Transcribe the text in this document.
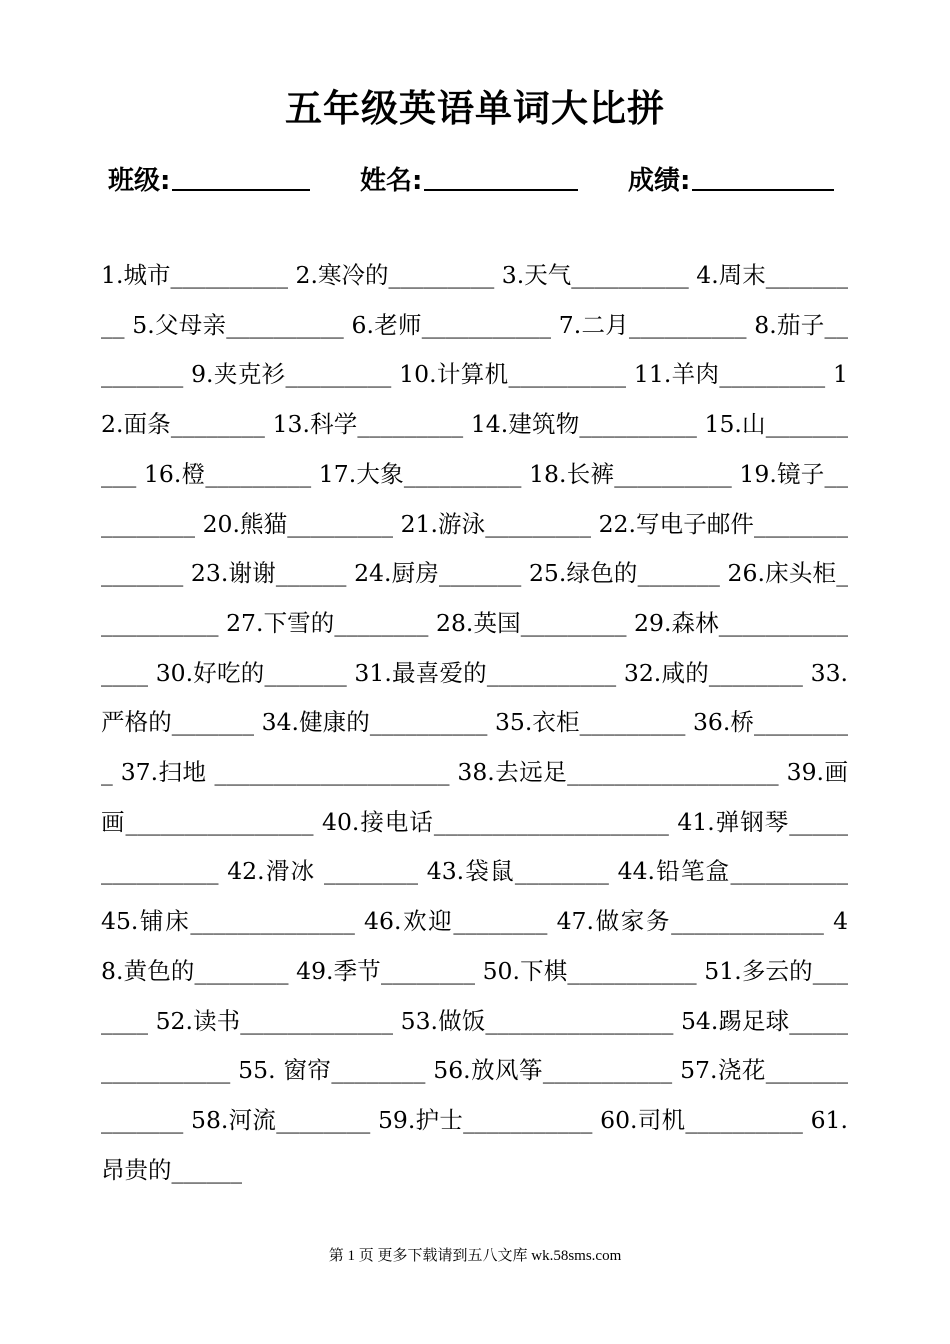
五年级英语单词大比拼
班级:	姓名:	成绩:
1.城市__________ 2.寒冷的_________ 3.天气__________ 4.周末_________ 5.父母亲__________ 6.老师___________ 7.二月__________ 8.茄子_________ 9.夹克衫_________ 10.计算机__________ 11.羊肉_________ 12.面条________ 13.科学_________ 14.建筑物__________ 15.山__________ 16.橙_________ 17.大象__________ 18.长裤__________ 19.镜子__________ 20.熊猫_________ 21.游泳_________ 22.写电子邮件_______________ 23.谢谢______ 24.厨房_______ 25.绿色的_______ 26.床头柜___________ 27.下雪的________ 28.英国_________ 29.森林_______________ 30.好吃的_______ 31.最喜爱的___________ 32.咸的________ 33.严格的_______ 34.健康的__________ 35.衣柜_________ 36.桥_________ 37.扫地 ____________________ 38.去远足__________________ 39.画画________________ 40.接电话____________________ 41.弹钢琴_______________ 42.滑冰 ________ 43.袋鼠________ 44.铅笔盒__________ 45.铺床______________ 46.欢迎________ 47.做家务_____________ 48.黄色的________ 49.季节________ 50.下棋___________ 51.多云的_______ 52.读书_____________ 53.做饭________________ 54.踢足球________________ 55. 窗帘________ 56.放风筝___________ 57.浇花______________ 58.河流________ 59.护士___________ 60.司机__________ 61.昂贵的______
第 1 页 更多下载请到五八文库 wk.58sms.com
